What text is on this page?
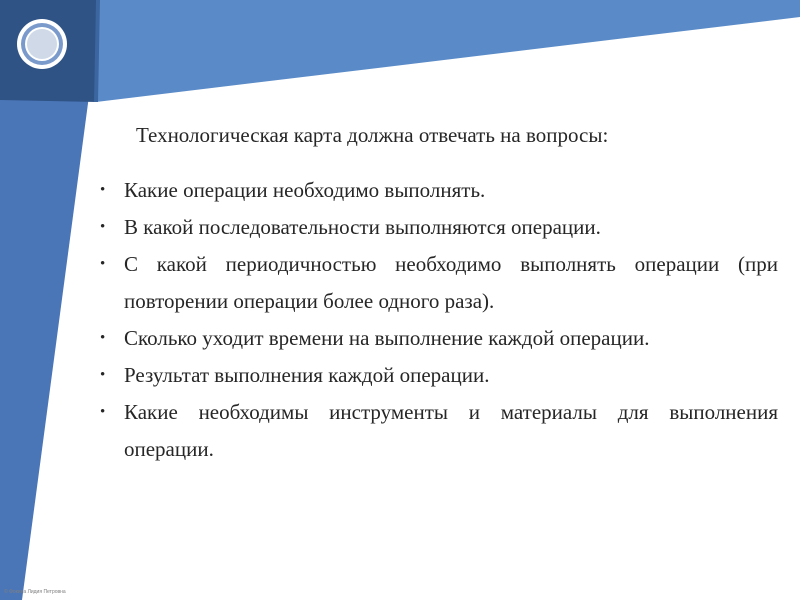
Технологическая карта должна отвечать на вопросы:
• Какие операции необходимо выполнять.
• В какой последовательности выполняются операции.
• С какой периодичностью необходимо выполнять операции (при повторении операции более одного раза).
• Сколько уходит времени на выполнение каждой операции.
• Результат выполнения каждой операции.
• Какие необходимы инструменты и материалы для выполнения операции.
© Фокина Лидия Петровна
